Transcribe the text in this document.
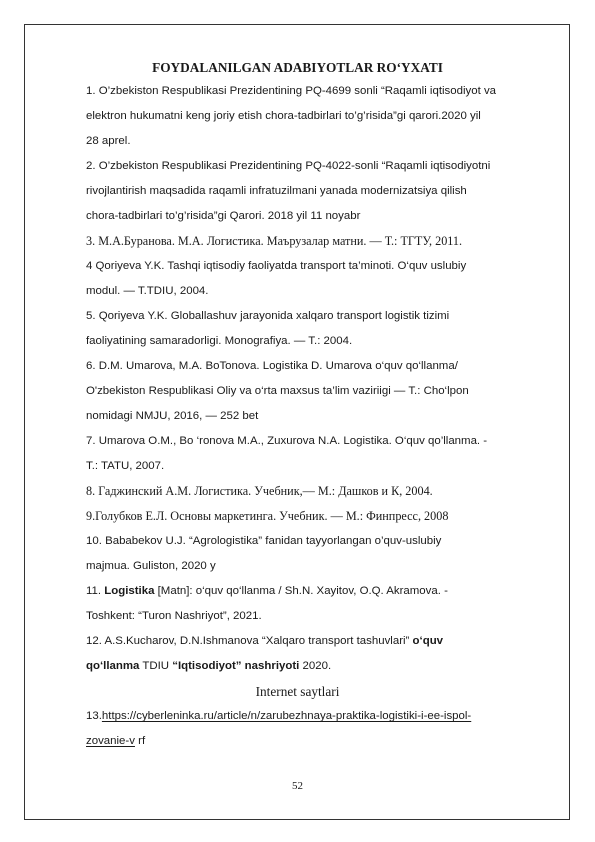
FOYDALANILGAN ADABIYOTLAR RO‘YXATI
1. O’zbekiston Respublikasi Prezidentining PQ-4699 sonli “Raqamli iqtisodiyot va
elektron hukumatni keng joriy etish chora-tadbirlari to’g’risida”gi qarori.2020 yil
28 aprel.
2. O’zbekiston Respublikasi Prezidentining PQ-4022-sonli “Raqamli iqtisodiyotni
rivojlantirish maqsadida raqamli infratuzilmani yanada modernizatsiya qilish
chora-tadbirlari to’g’risida”gi Qarori. 2018 yil 11 noyabr
3. М.А.Буранова. М.А. Логистика. Маърузалар матни. — Т.: ТГТУ, 2011.
4 Qoriyeva Y.K. Tashqi iqtisodiy faoliyatda transport ta’minoti. O‘quv uslubiy
modul. — T.TDIU, 2004.
5. Qoriyeva Y.K. Globallashuv jarayonida xalqaro transport logistik tizimi
faoliyatining samaradorligi. Monografiya. — T.: 2004.
6. D.M. Umarova, M.A. BoTonova. Logistika D. Umarova o‘quv qo‘llanma/
O'zbekiston Respublikasi Oliy va o‘rta maxsus ta’lim vaziriigi — T.: Cho‘lpon
nomidagi NMJU, 2016, — 252 bet
7. Umarova O.M., Bo ‘ronova M.A., Zuxurova N.A. Logistika. O‘quv qo’llanma. -
T.: TATU, 2007.
8. Гаджинский А.М. Логистика. Учебник,— М.: Дашков и К, 2004.
9.Голубков Е.Л. Основы маркетинга. Учебник. — М.: Финпресс, 2008
10. Bababekov U.J. “Agrologistika” fanidan tayyorlangan o’quv-uslubiy
majmua. Guliston, 2020 y
11. Logistika [Matn]: o‘quv qo‘llanma / Sh.N. Xayitov, O.Q. Akramova. -
Toshkent: “Turon Nashriyot”, 2021.
12. A.S.Kucharov, D.N.Ishmanova “Xalqaro transport tashuvlari” o‘quv
qo‘llanma TDIU “Iqtisodiyot” nashriyoti 2020.
Internet saytlari
13.https://cyberleninka.ru/article/n/zarubezhnaya-praktika-logistiki-i-ee-ispol-
zovanie-v rf
52
